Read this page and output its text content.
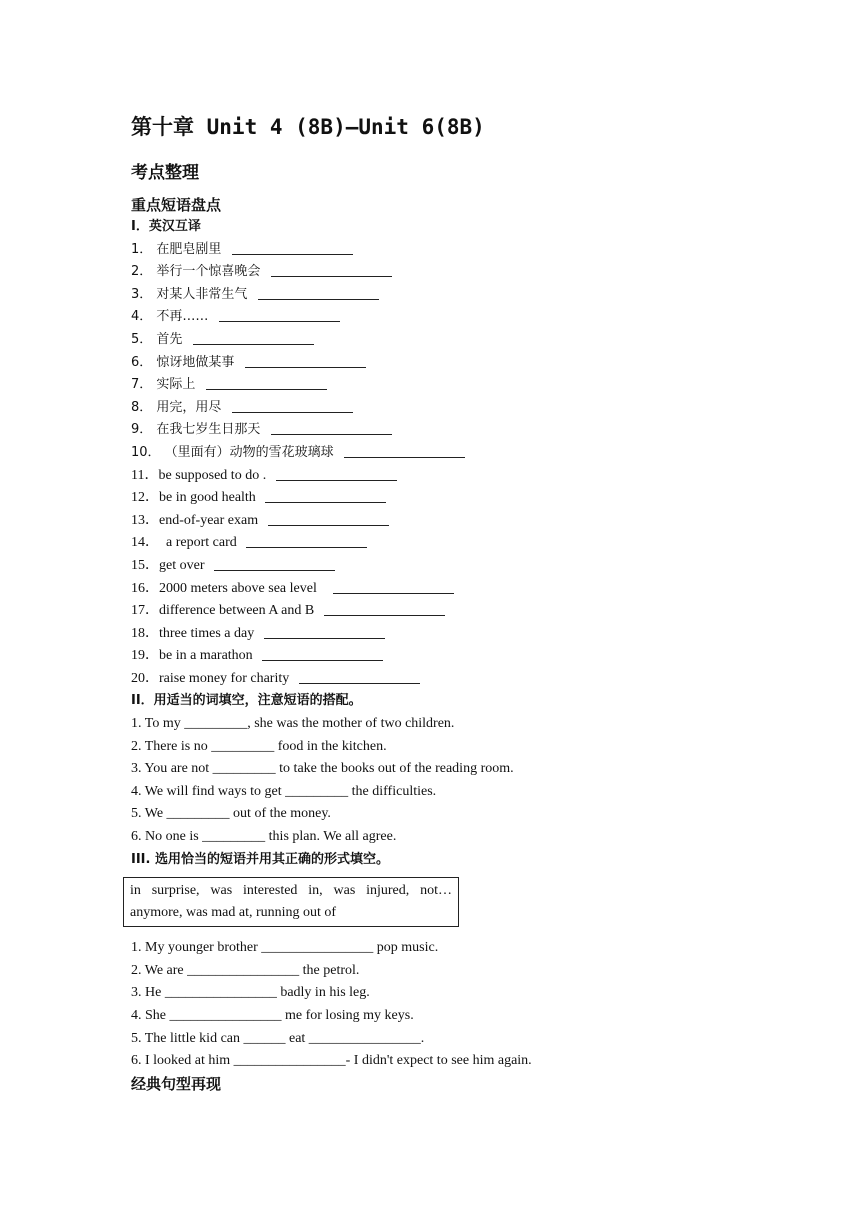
第十章 Unit 4 (8B)—Unit 6(8B)
考点整理
重点短语盘点
I．英汉互译
1． 在肥皂剧里
2． 举行一个惊喜晚会
3． 对某人非常生气
4． 不再……
5． 首先
6． 惊讶地做某事
7． 实际上
8． 用完，用尽
9． 在我七岁生日那天
10． （里面有）动物的雪花玻璃球
11．be supposed to do .
12．be in good health
13．end-of-year exam
14．  a report card
15．get over
16．2000 meters above sea level
17．difference between A and B
18．three times a day
19．be in a marathon
20．raise money for charity
II．用适当的词填空，注意短语的搭配。
1. To my _________, she was the mother of two children.
2. There is no _________ food in the kitchen.
3. You are not _________ to take the books out of the reading room.
4. We will find ways to get _________ the difficulties.
5. We _________ out of the money.
6. No one is _________ this plan. We all agree.
III. 选用恰当的短语并用其正确的形式填空。
in surprise, was interested in, was injured, not…anymore, was mad at, running out of
1. My younger brother ________________ pop music.
2. We are ________________ the petrol.
3. He ________________ badly in his leg.
4. She ________________ me for losing my keys.
5. The little kid can ______ eat ________________.
6. I looked at him ________________- I didn't expect to see him again.
经典句型再现
